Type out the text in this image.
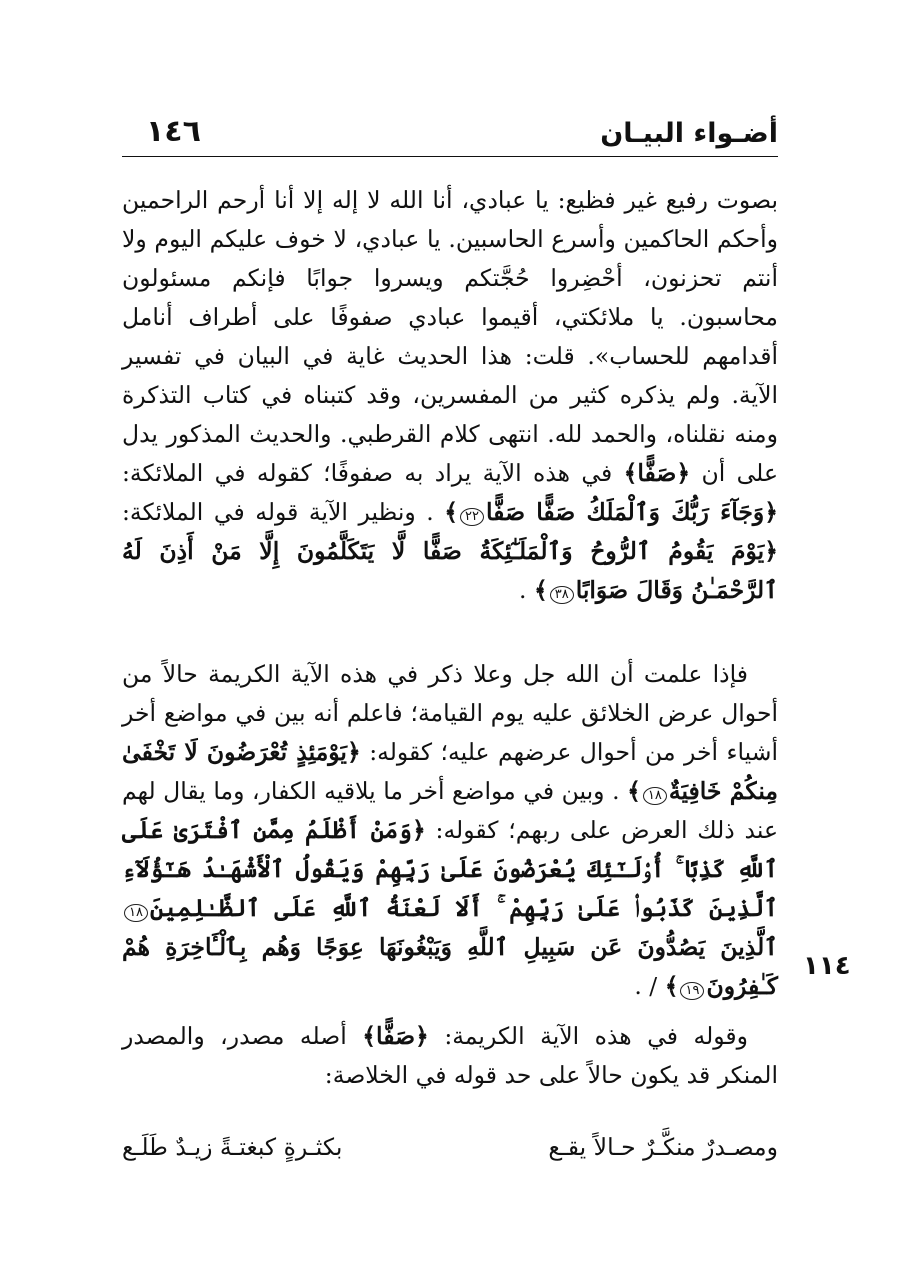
١٤٦	أضـواء البيـان
بصوت رفيع غير فظيع: يا عبادي، أنا الله لا إله إلا أنا أرحم الراحمين وأحكم الحاكمين وأسرع الحاسبين. يا عبادي، لا خوف عليكم اليوم ولا أنتم تحزنون، أحْضِروا حُجَّتكم ويسروا جوابًا فإنكم مسئولون محاسبون. يا ملائكتي، أقيموا عبادي صفوفًا على أطراف أنامل أقدامهم للحساب». قلت: هذا الحديث غاية في البيان في تفسير الآية. ولم يذكره كثير من المفسرين، وقد كتبناه في كتاب التذكرة ومنه نقلناه، والحمد لله. انتهى كلام القرطبي. والحديث المذكور يدل على أن ﴿صَفًّا﴾ في هذه الآية يراد به صفوفًا؛ كقوله في الملائكة: ﴿وَجَآءَ رَبُّكَ وَٱلْمَلَكُ صَفًّا صَفًّا٢٢﴾ . ونظير الآية قوله في الملائكة: ﴿يَوْمَ يَقُومُ ٱلرُّوحُ وَٱلْمَلَـٰٓئِكَةُ صَفًّا لَّا يَتَكَلَّمُونَ إِلَّا مَنْ أَذِنَ لَهُ ٱلرَّحْمَـٰنُ وَقَالَ صَوَابًا٣٨﴾ .
فإذا علمت أن الله جل وعلا ذكر في هذه الآية الكريمة حالاً من أحوال عرض الخلائق عليه يوم القيامة؛ فاعلم أنه بين في مواضع أخر أشياء أخر من أحوال عرضهم عليه؛ كقوله: ﴿يَوْمَئِذٍ تُعْرَضُونَ لَا تَخْفَىٰ مِنكُمْ خَافِيَةٌ١٨﴾ . وبين في مواضع أخر ما يلاقيه الكفار، وما يقال لهم عند ذلك العرض على ربهم؛ كقوله: ﴿وَمَنْ أَظْلَمُ مِمَّنِ ٱفْتَرَىٰ عَلَى ٱللَّهِ كَذِبًا ۚ أُو۟لَـٰٓئِكَ يُعْرَضُونَ عَلَىٰ رَبِّهِمْ وَيَقُولُ ٱلْأَشْهَـٰدُ هَـٰٓؤُلَآءِ ٱلَّذِينَ كَذَبُوا۟ عَلَىٰ رَبِّهِمْ ۚ أَلَا لَعْنَةُ ٱللَّهِ عَلَى ٱلظَّـٰلِمِينَ١٨ ٱلَّذِينَ يَصُدُّونَ عَن سَبِيلِ ٱللَّهِ وَيَبْغُونَهَا عِوَجًا وَهُم بِٱلْـَٔاخِرَةِ هُمْ كَـٰفِرُونَ١٩﴾ / .
١١٤
وقوله في هذه الآية الكريمة: ﴿صَفًّا﴾ أصله مصدر، والمصدر المنكر قد يكون حالاً على حد قوله في الخلاصة:
ومصـدرٌ منكَّـرٌ حـالاً يقـع
بكثـرةٍ كبغتـةً زيـدٌ طَلَـع
